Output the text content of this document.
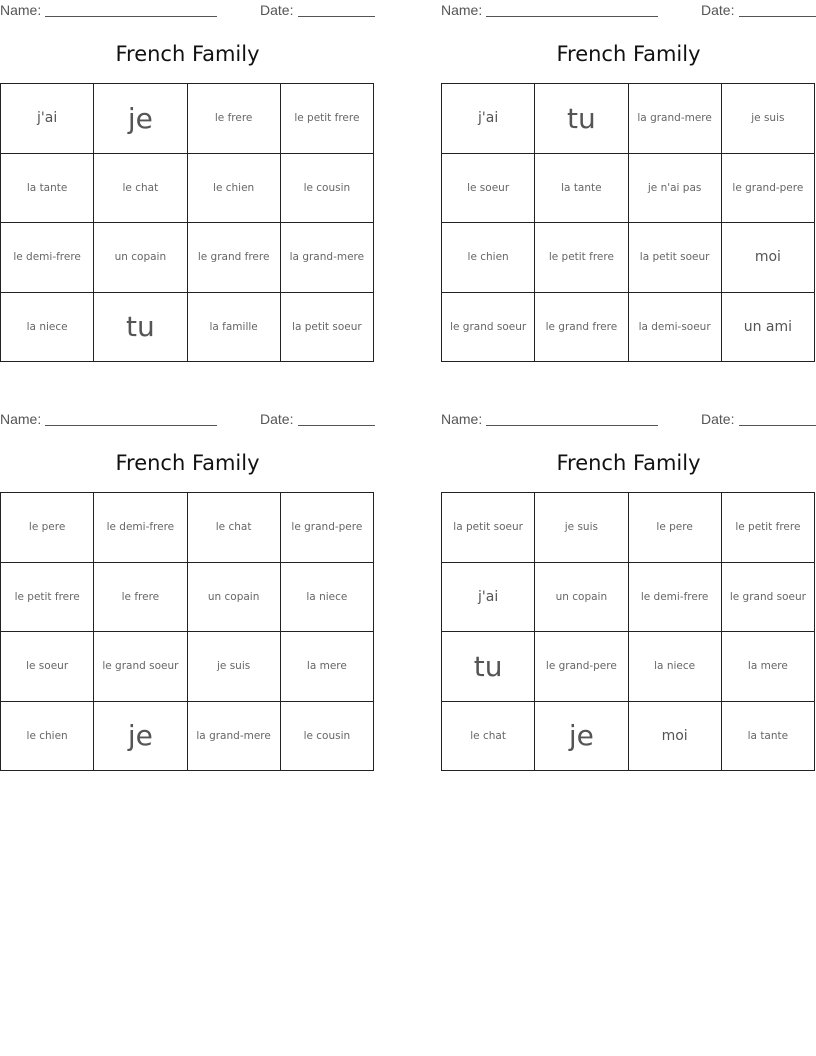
Name:	Date:
French Family
j'ai	je	le frere	le petit frere
la tante	le chat	le chien	le cousin
le demi-frere	un copain	le grand frere	la grand-mere
la niece	tu	la famille	la petit soeur
Name:	Date:
French Family
j'ai	tu	la grand-mere	je suis
le soeur	la tante	je n'ai pas	le grand-pere
le chien	le petit frere	la petit soeur	moi
le grand soeur	le grand frere	la demi-soeur	un ami
Name:	Date:
French Family
le pere	le demi-frere	le chat	le grand-pere
le petit frere	le frere	un copain	la niece
le soeur	le grand soeur	je suis	la mere
le chien	je	la grand-mere	le cousin
Name:	Date:
French Family
la petit soeur	je suis	le pere	le petit frere
j'ai	un copain	le demi-frere	le grand soeur
tu	le grand-pere	la niece	la mere
le chat	je	moi	la tante
